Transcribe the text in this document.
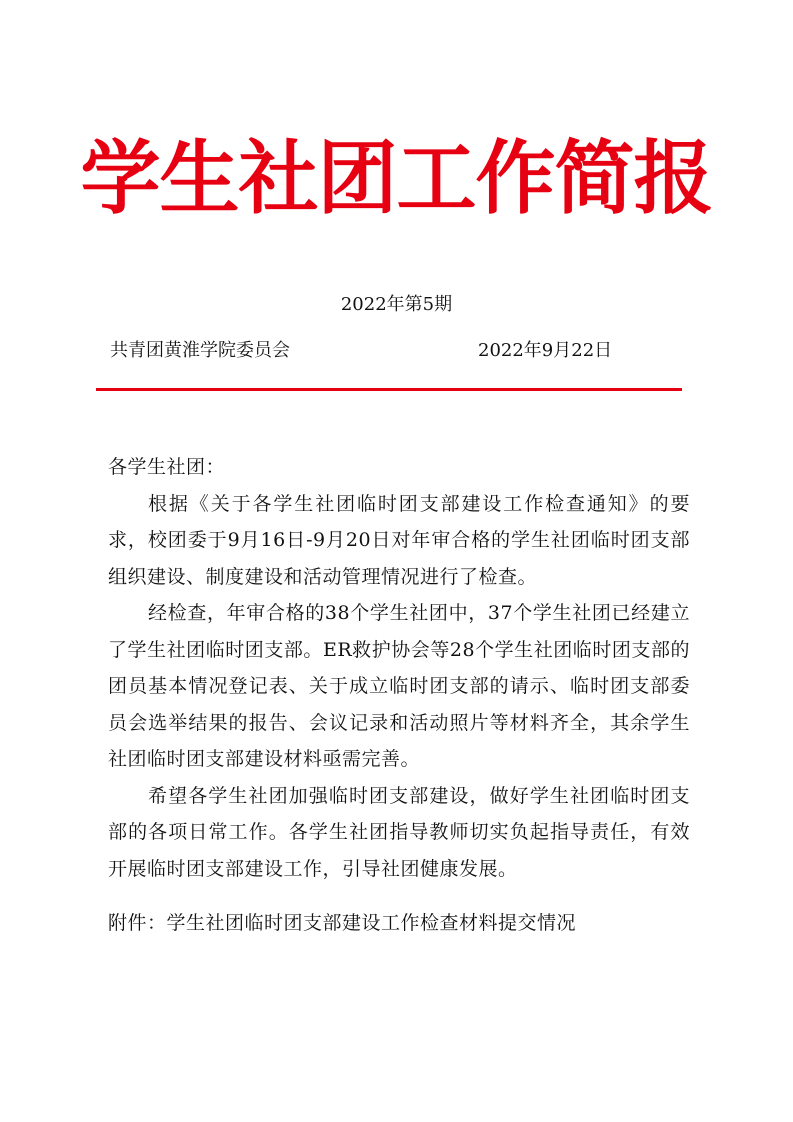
学生社团工作简报
2022年第5期
共青团黄淮学院委员会	2022年9月22日

各学生社团：

根据《关于各学生社团临时团支部建设工作检查通知》的要求，校团委于9月16日-9月20日对年审合格的学生社团临时团支部组织建设、制度建设和活动管理情况进行了检查。

经检查，年审合格的38个学生社团中，37个学生社团已经建立了学生社团临时团支部。ER救护协会等28个学生社团临时团支部的团员基本情况登记表、关于成立临时团支部的请示、临时团支部委员会选举结果的报告、会议记录和活动照片等材料齐全，其余学生社团临时团支部建设材料亟需完善。

希望各学生社团加强临时团支部建设，做好学生社团临时团支部的各项日常工作。各学生社团指导教师切实负起指导责任，有效开展临时团支部建设工作，引导社团健康发展。

附件：学生社团临时团支部建设工作检查材料提交情况
